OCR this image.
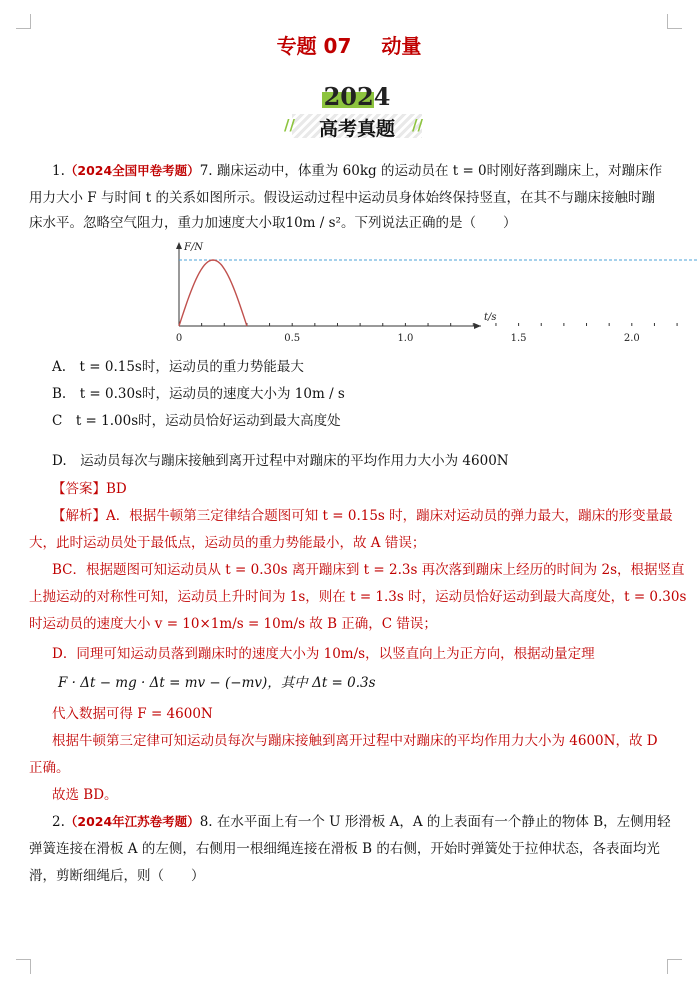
专题 07 动量
2024
//	//
高考真题
1.（2024全国甲卷考题）7. 蹦床运动中，体重为 60kg 的运动员在 t = 0时刚好落到蹦床上，对蹦床作
用力大小 F 与时间 t 的关系如图所示。假设运动过程中运动员身体始终保持竖直，在其不与蹦床接触时蹦
床水平。忽略空气阻力，重力加速度大小取10m / s²。下列说法正确的是（　　）
0	0.5	1.0	1.5	2.0
F/N
t/s
A.　t = 0.15s时，运动员的重力势能最大
B.　t = 0.30s时，运动员的速度大小为 10m / s
C　t = 1.00s时，运动员恰好运动到最大高度处
D.　运动员每次与蹦床接触到离开过程中对蹦床的平均作用力大小为 4600N
【答案】BD
【解析】A．根据牛顿第三定律结合题图可知 t = 0.15s 时，蹦床对运动员的弹力最大，蹦床的形变量最
大，此时运动员处于最低点，运动员的重力势能最小，故 A 错误；
BC．根据题图可知运动员从 t = 0.30s 离开蹦床到 t = 2.3s 再次落到蹦床上经历的时间为 2s，根据竖直
上抛运动的对称性可知，运动员上升时间为 1s，则在 t = 1.3s 时，运动员恰好运动到最大高度处，t = 0.30s
时运动员的速度大小 v = 10×1m/s = 10m/s 故 B 正确，C 错误；
D．同理可知运动员落到蹦床时的速度大小为 10m/s，以竖直向上为正方向，根据动量定理
F · Δt − mg · Δt = mv − (−mv)，其中 Δt = 0.3s
代入数据可得 F = 4600N
根据牛顿第三定律可知运动员每次与蹦床接触到离开过程中对蹦床的平均作用力大小为 4600N，故 D
正确。
故选 BD。
2.（2024年江苏卷考题）8. 在水平面上有一个 U 形滑板 A，A 的上表面有一个静止的物体 B，左侧用轻
弹簧连接在滑板 A 的左侧，右侧用一根细绳连接在滑板 B 的右侧，开始时弹簧处于拉伸状态，各表面均光
滑，剪断细绳后，则（　　）
